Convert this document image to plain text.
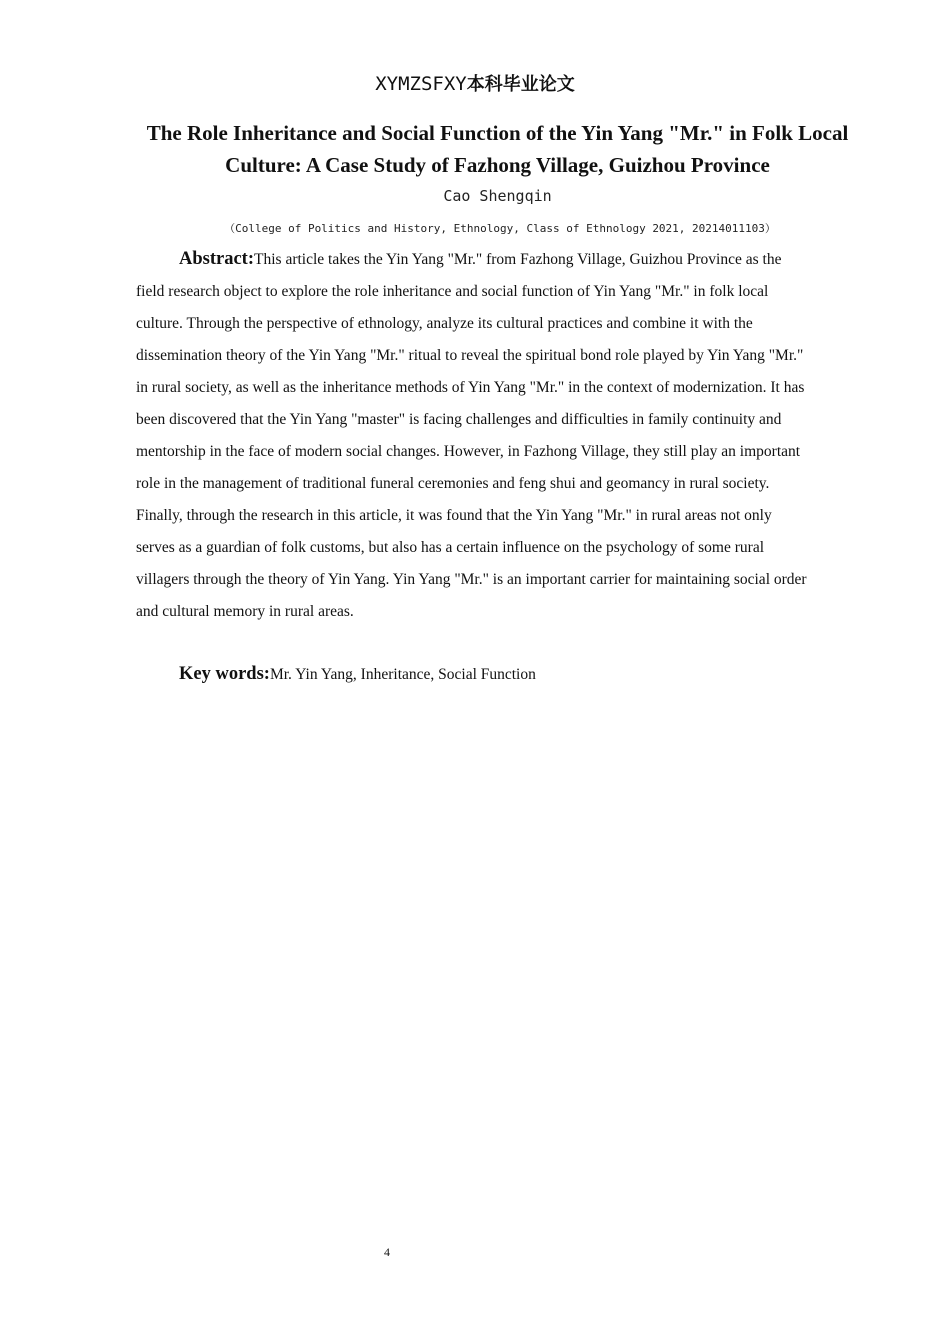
XYMZSFXY本科毕业论文
The Role Inheritance and Social Function of the Yin Yang "Mr." in Folk Local Culture: A Case Study of Fazhong Village, Guizhou Province
Cao Shengqin
（College of Politics and History, Ethnology, Class of Ethnology 2021, 20214011103）

Abstract:This article takes the Yin Yang "Mr." from Fazhong Village, Guizhou Province as the field research object to explore the role inheritance and social function of Yin Yang "Mr." in folk local culture. Through the perspective of ethnology, analyze its cultural practices and combine it with the dissemination theory of the Yin Yang "Mr." ritual to reveal the spiritual bond role played by Yin Yang "Mr." in rural society, as well as the inheritance methods of Yin Yang "Mr." in the context of modernization. It has been discovered that the Yin Yang "master" is facing challenges and difficulties in family continuity and mentorship in the face of modern social changes. However, in Fazhong Village, they still play an important role in the management of traditional funeral ceremonies and feng shui and geomancy in rural society. Finally, through the research in this article, it was found that the Yin Yang "Mr." in rural areas not only serves as a guardian of folk customs, but also has a certain influence on the psychology of some rural villagers through the theory of Yin Yang. Yin Yang "Mr." is an important carrier for maintaining social order and cultural memory in rural areas.

Key words:Mr. Yin Yang, Inheritance, Social Function

4
